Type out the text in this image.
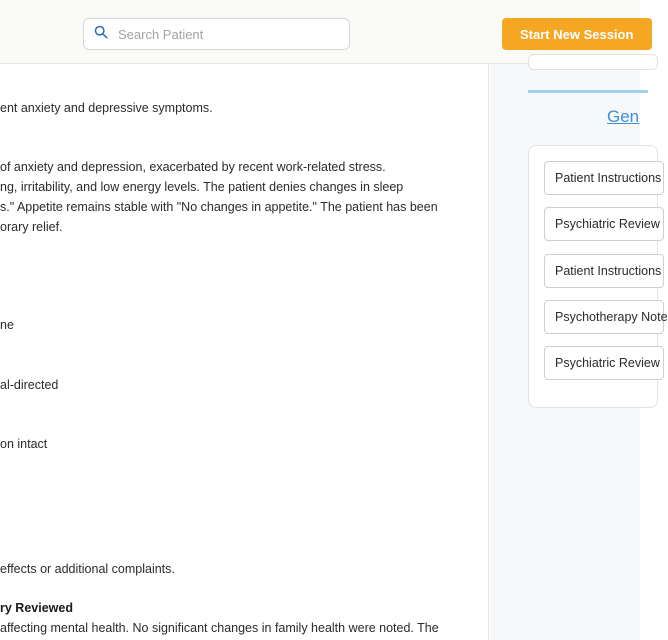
Search Patient
Start New Session
ent anxiety and depressive symptoms.
of anxiety and depression, exacerbated by recent work-related stress.
ng, irritability, and low energy levels. The patient denies changes in sleep
s." Appetite remains stable with "No changes in appetite." The patient has been
orary relief.
ne
al-directed
on intact
effects or additional complaints.
ry Reviewed
affecting mental health. No significant changes in family health were noted. The
Gen
Patient Instructions
Psychiatric Review
Patient Instructions
Psychotherapy Note
Psychiatric Review
